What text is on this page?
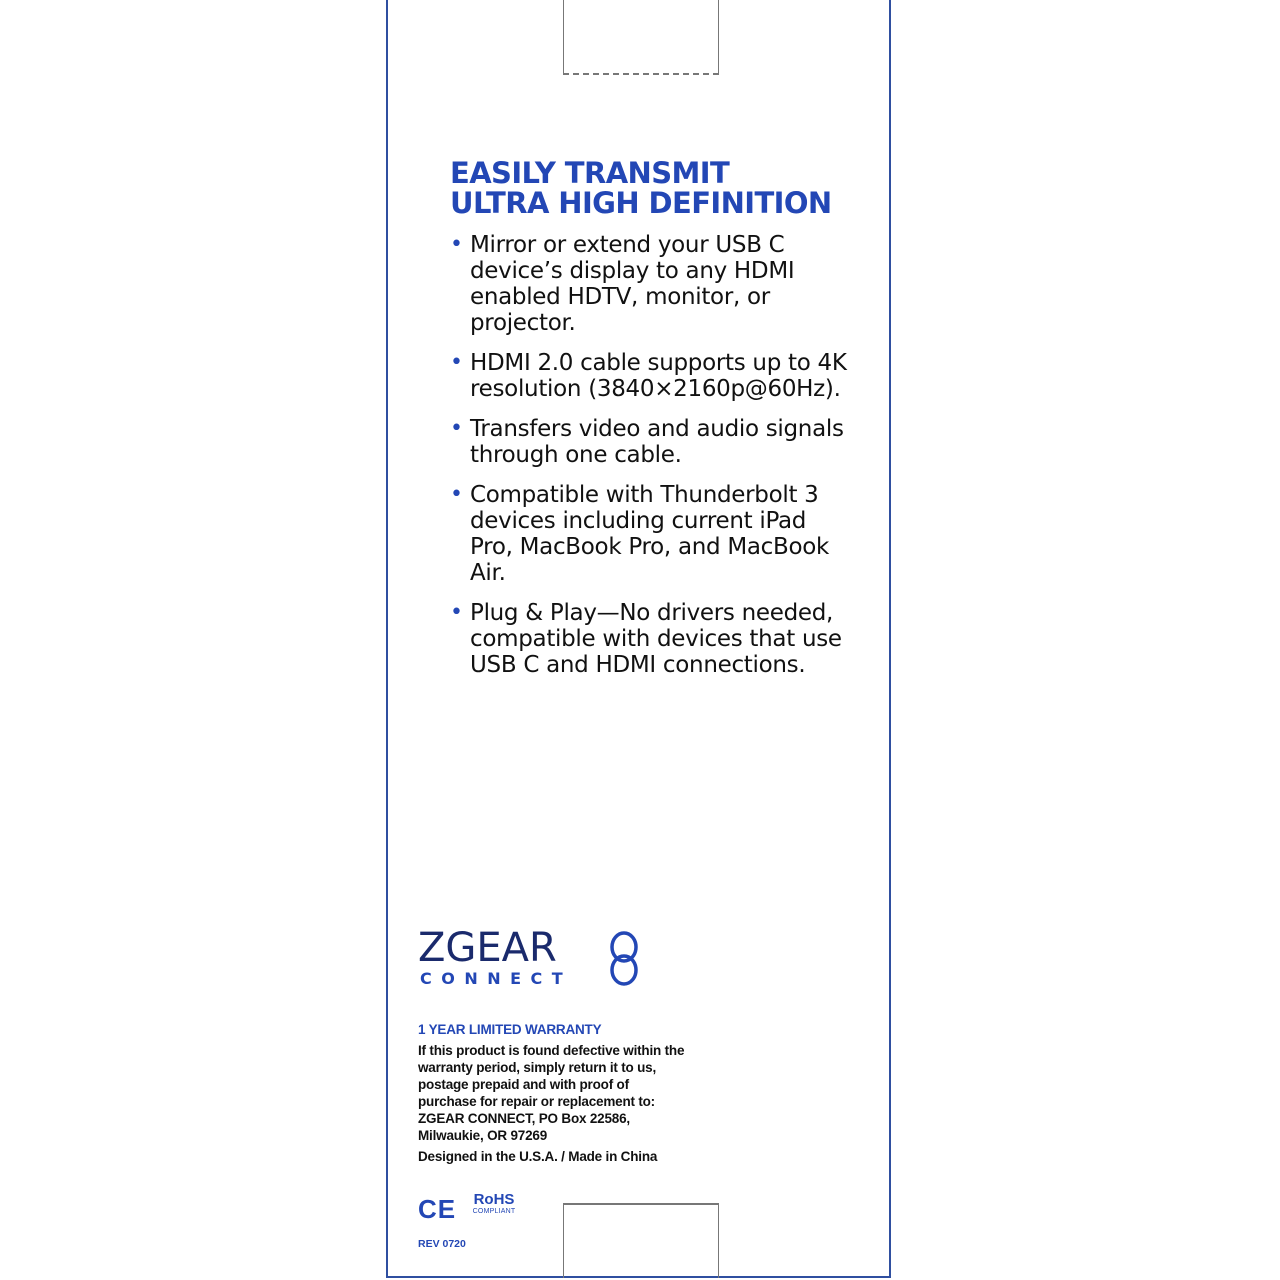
EASILY TRANSMIT
ULTRA HIGH DEFINITION
• Mirror or extend your USB C device’s display to any HDMI enabled HDTV, monitor, or projector.
• HDMI 2.0 cable supports up to 4K resolution (3840×2160p@60Hz).
• Transfers video and audio signals through one cable.
• Compatible with Thunderbolt 3 devices including current iPad Pro, MacBook Pro, and MacBook Air.
• Plug & Play—No drivers needed, compatible with devices that use USB C and HDMI connections.
ZGEAR
CONNECT
1 YEAR LIMITED WARRANTY
If this product is found defective within the
warranty period, simply return it to us,
postage prepaid and with proof of
purchase for repair or replacement to:
ZGEAR CONNECT, PO Box 22586,
Milwaukie, OR 97269
Designed in the U.S.A. / Made in China
CE	RoHS
COMPLIANT
REV 0720
